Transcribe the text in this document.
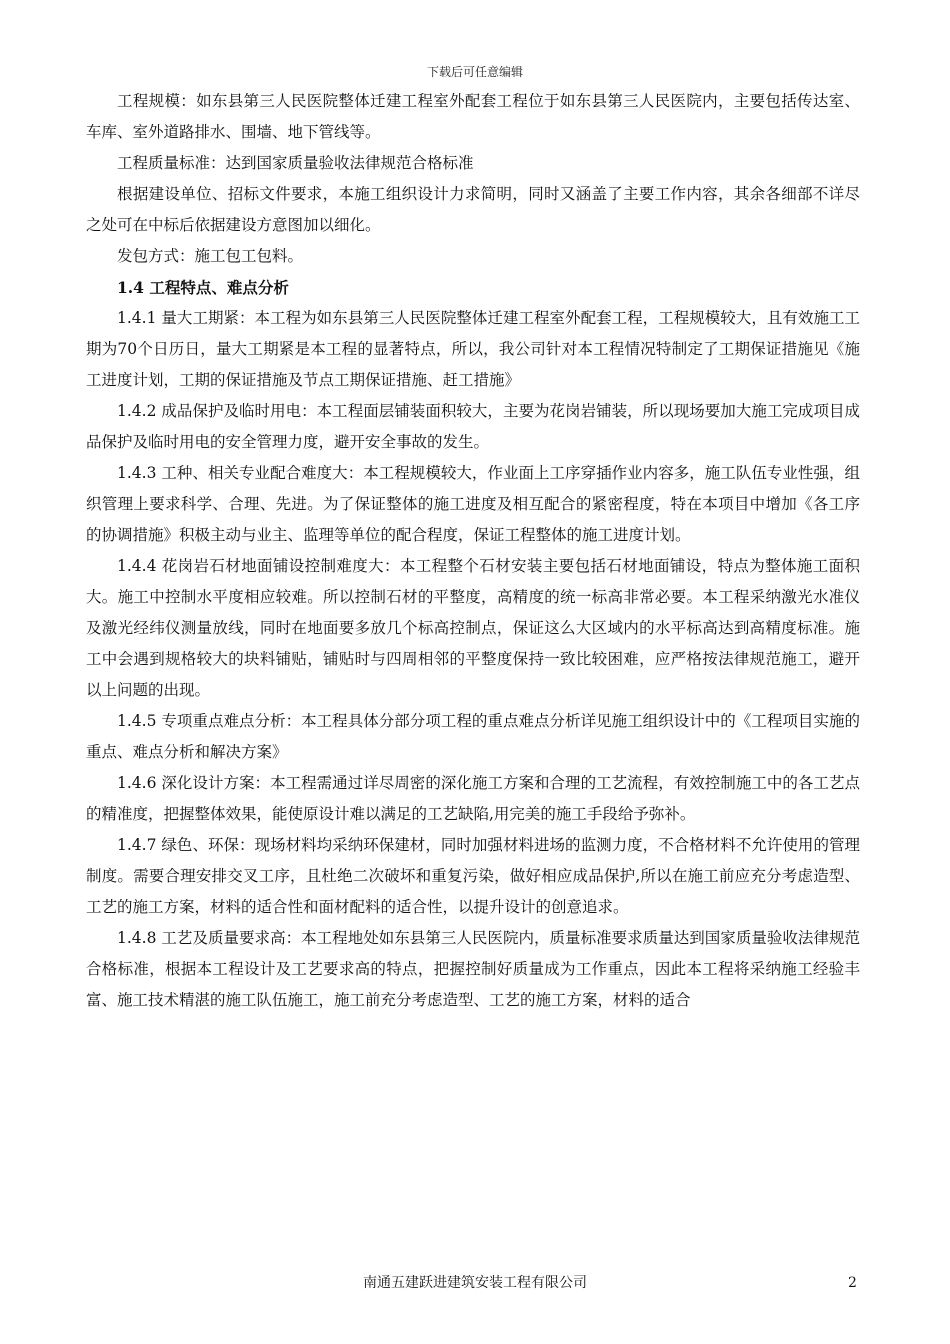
下载后可任意编辑

工程规模：如东县第三人民医院整体迁建工程室外配套工程位于如东县第三人民医院内，主要包括传达室、车库、室外道路排水、围墙、地下管线等。

工程质量标准：达到国家质量验收法律规范合格标准

根据建设单位、招标文件要求，本施工组织设计力求简明，同时又涵盖了主要工作内容，其余各细部不详尽之处可在中标后依据建设方意图加以细化。

发包方式：施工包工包料。

1.4 工程特点、难点分析

1.4.1 量大工期紧：本工程为如东县第三人民医院整体迁建工程室外配套工程，工程规模较大，且有效施工工期为70个日历日，量大工期紧是本工程的显著特点，所以，我公司针对本工程情况特制定了工期保证措施见《施工进度计划，工期的保证措施及节点工期保证措施、赶工措施》

1.4.2 成品保护及临时用电：本工程面层铺装面积较大，主要为花岗岩铺装，所以现场要加大施工完成项目成品保护及临时用电的安全管理力度，避开安全事故的发生。

1.4.3 工种、相关专业配合难度大：本工程规模较大，作业面上工序穿插作业内容多，施工队伍专业性强，组织管理上要求科学、合理、先进。为了保证整体的施工进度及相互配合的紧密程度，特在本项目中增加《各工序的协调措施》积极主动与业主、监理等单位的配合程度，保证工程整体的施工进度计划。

1.4.4 花岗岩石材地面铺设控制难度大：本工程整个石材安装主要包括石材地面铺设，特点为整体施工面积大。施工中控制水平度相应较难。所以控制石材的平整度，高精度的统一标高非常必要。本工程采纳激光水准仪及激光经纬仪测量放线，同时在地面要多放几个标高控制点，保证这么大区域内的水平标高达到高精度标准。施工中会遇到规格较大的块料铺贴，铺贴时与四周相邻的平整度保持一致比较困难，应严格按法律规范施工，避开以上问题的出现。

1.4.5 专项重点难点分析：本工程具体分部分项工程的重点难点分析详见施工组织设计中的《工程项目实施的重点、难点分析和解决方案》

1.4.6 深化设计方案：本工程需通过详尽周密的深化施工方案和合理的工艺流程，有效控制施工中的各工艺点的精准度，把握整体效果，能使原设计难以满足的工艺缺陷,用完美的施工手段给予弥补。

1.4.7 绿色、环保：现场材料均采纳环保建材，同时加强材料进场的监测力度，不合格材料不允许使用的管理制度。需要合理安排交叉工序，且杜绝二次破坏和重复污染，做好相应成品保护,所以在施工前应充分考虑造型、工艺的施工方案，材料的适合性和面材配料的适合性，以提升设计的创意追求。

1.4.8 工艺及质量要求高：本工程地处如东县第三人民医院内，质量标准要求质量达到国家质量验收法律规范合格标准，根据本工程设计及工艺要求高的特点，把握控制好质量成为工作重点，因此本工程将采纳施工经验丰富、施工技术精湛的施工队伍施工，施工前充分考虑造型、工艺的施工方案，材料的适合

南通五建跃进建筑安装工程有限公司	2
